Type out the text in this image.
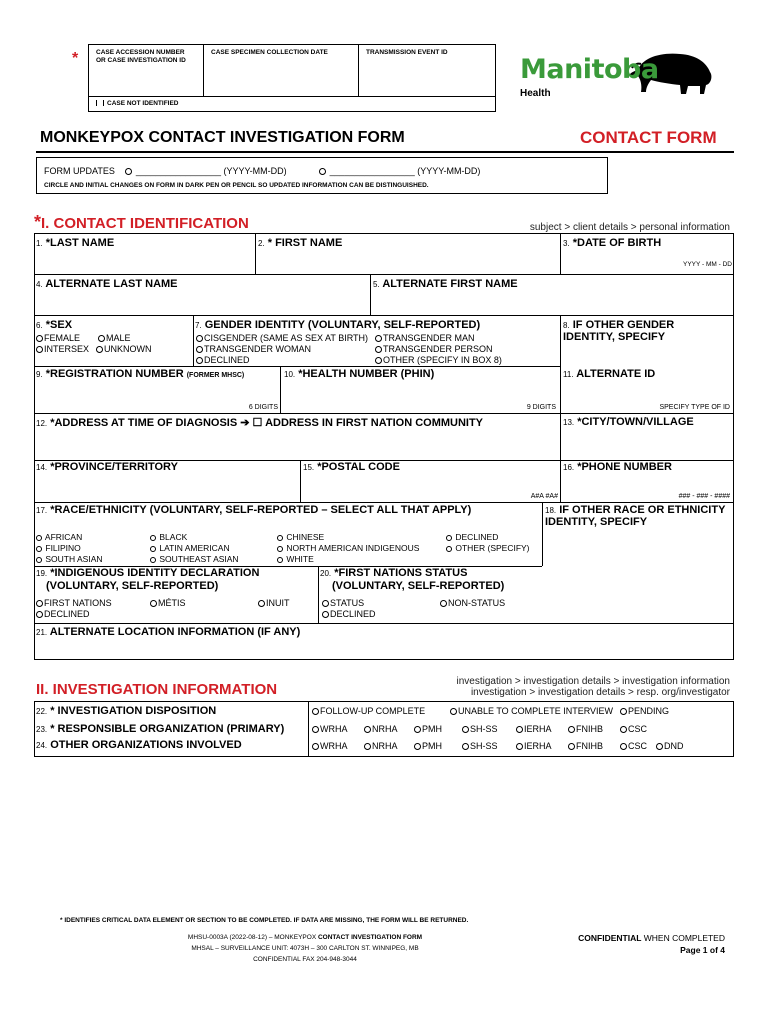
*	CASE ACCESSION NUMBER OR CASE INVESTIGATION ID
CASE SPECIMEN COLLECTION DATE	TRANSMISSION EVENT ID
CASE NOT IDENTIFIED
Manitoba
Health
MONKEYPOX CONTACT INVESTIGATION FORM	CONTACT FORM
FORM UPDATES _________________ (YYYY-MM-DD)	_________________ (YYYY-MM-DD)
CIRCLE AND INITIAL CHANGES ON FORM IN DARK PEN OR PENCIL SO UPDATED INFORMATION CAN BE DISTINGUISHED.
*I. CONTACT IDENTIFICATION	subject > client details > personal information
1. *LAST NAME	2. * FIRST NAME	3. *DATE OF BIRTH
YYYY - MM - DD
4. ALTERNATE LAST NAME	5. ALTERNATE FIRST NAME
6. *SEX
FEMALE	MALE
INTERSEX	UNKNOWN
7. GENDER IDENTITY (VOLUNTARY, SELF-REPORTED)
CISGENDER (SAME AS SEX AT BIRTH)
TRANSGENDER WOMAN
DECLINED
TRANSGENDER MAN
TRANSGENDER PERSON
OTHER (SPECIFY IN BOX 8)
8. IF OTHER GENDER IDENTITY, SPECIFY
9. *REGISTRATION NUMBER (FORMER MHSC)
6 DIGITS
10. *HEALTH NUMBER (PHIN)
9 DIGITS
11. ALTERNATE ID
SPECIFY TYPE OF ID
12. *ADDRESS AT TIME OF DIAGNOSIS ➔ ☐ ADDRESS IN FIRST NATION COMMUNITY	13. *CITY/TOWN/VILLAGE
14. *PROVINCE/TERRITORY	15. *POSTAL CODE
A#A #A#
16. *PHONE NUMBER
### - ### - ####
17. *RACE/ETHNICITY (VOLUNTARY, SELF-REPORTED – SELECT ALL THAT APPLY)
AFRICAN
FILIPINO
SOUTH ASIAN
BLACK
LATIN AMERICAN
SOUTHEAST ASIAN
CHINESE
NORTH AMERICAN INDIGENOUS
WHITE
DECLINED
OTHER (SPECIFY)
18. IF OTHER RACE OR ETHNICITY IDENTITY, SPECIFY
19. *INDIGENOUS IDENTITY DECLARATION
(VOLUNTARY, SELF-REPORTED)
FIRST NATIONS	MÉTIS	INUIT
DECLINED
20. *FIRST NATIONS STATUS
(VOLUNTARY, SELF-REPORTED)
STATUS	NON-STATUS
DECLINED
21. ALTERNATE LOCATION INFORMATION (IF ANY)
II. INVESTIGATION INFORMATION	investigation > investigation details > investigation information
investigation > investigation details > resp. org/investigator
22. * INVESTIGATION DISPOSITION	FOLLOW-UP COMPLETE	UNABLE TO COMPLETE INTERVIEW	PENDING
23. * RESPONSIBLE ORGANIZATION (PRIMARY)	WRHA	NRHA	PMH	SH-SS	IERHA	FNIHB	CSC
24. OTHER ORGANIZATIONS INVOLVED	WRHA	NRHA	PMH	SH-SS	IERHA	FNIHB	CSC	DND
* IDENTIFIES CRITICAL DATA ELEMENT OR SECTION TO BE COMPLETED. IF DATA ARE MISSING, THE FORM WILL BE RETURNED.
MHSU-0003A (2022-08-12) – MONKEYPOX CONTACT INVESTIGATION FORM
MHSAL – SURVEILLANCE UNIT: 4073H – 300 CARLTON ST. WINNIPEG, MB
CONFIDENTIAL FAX 204-948-3044
CONFIDENTIAL WHEN COMPLETED
Page 1 of 4
